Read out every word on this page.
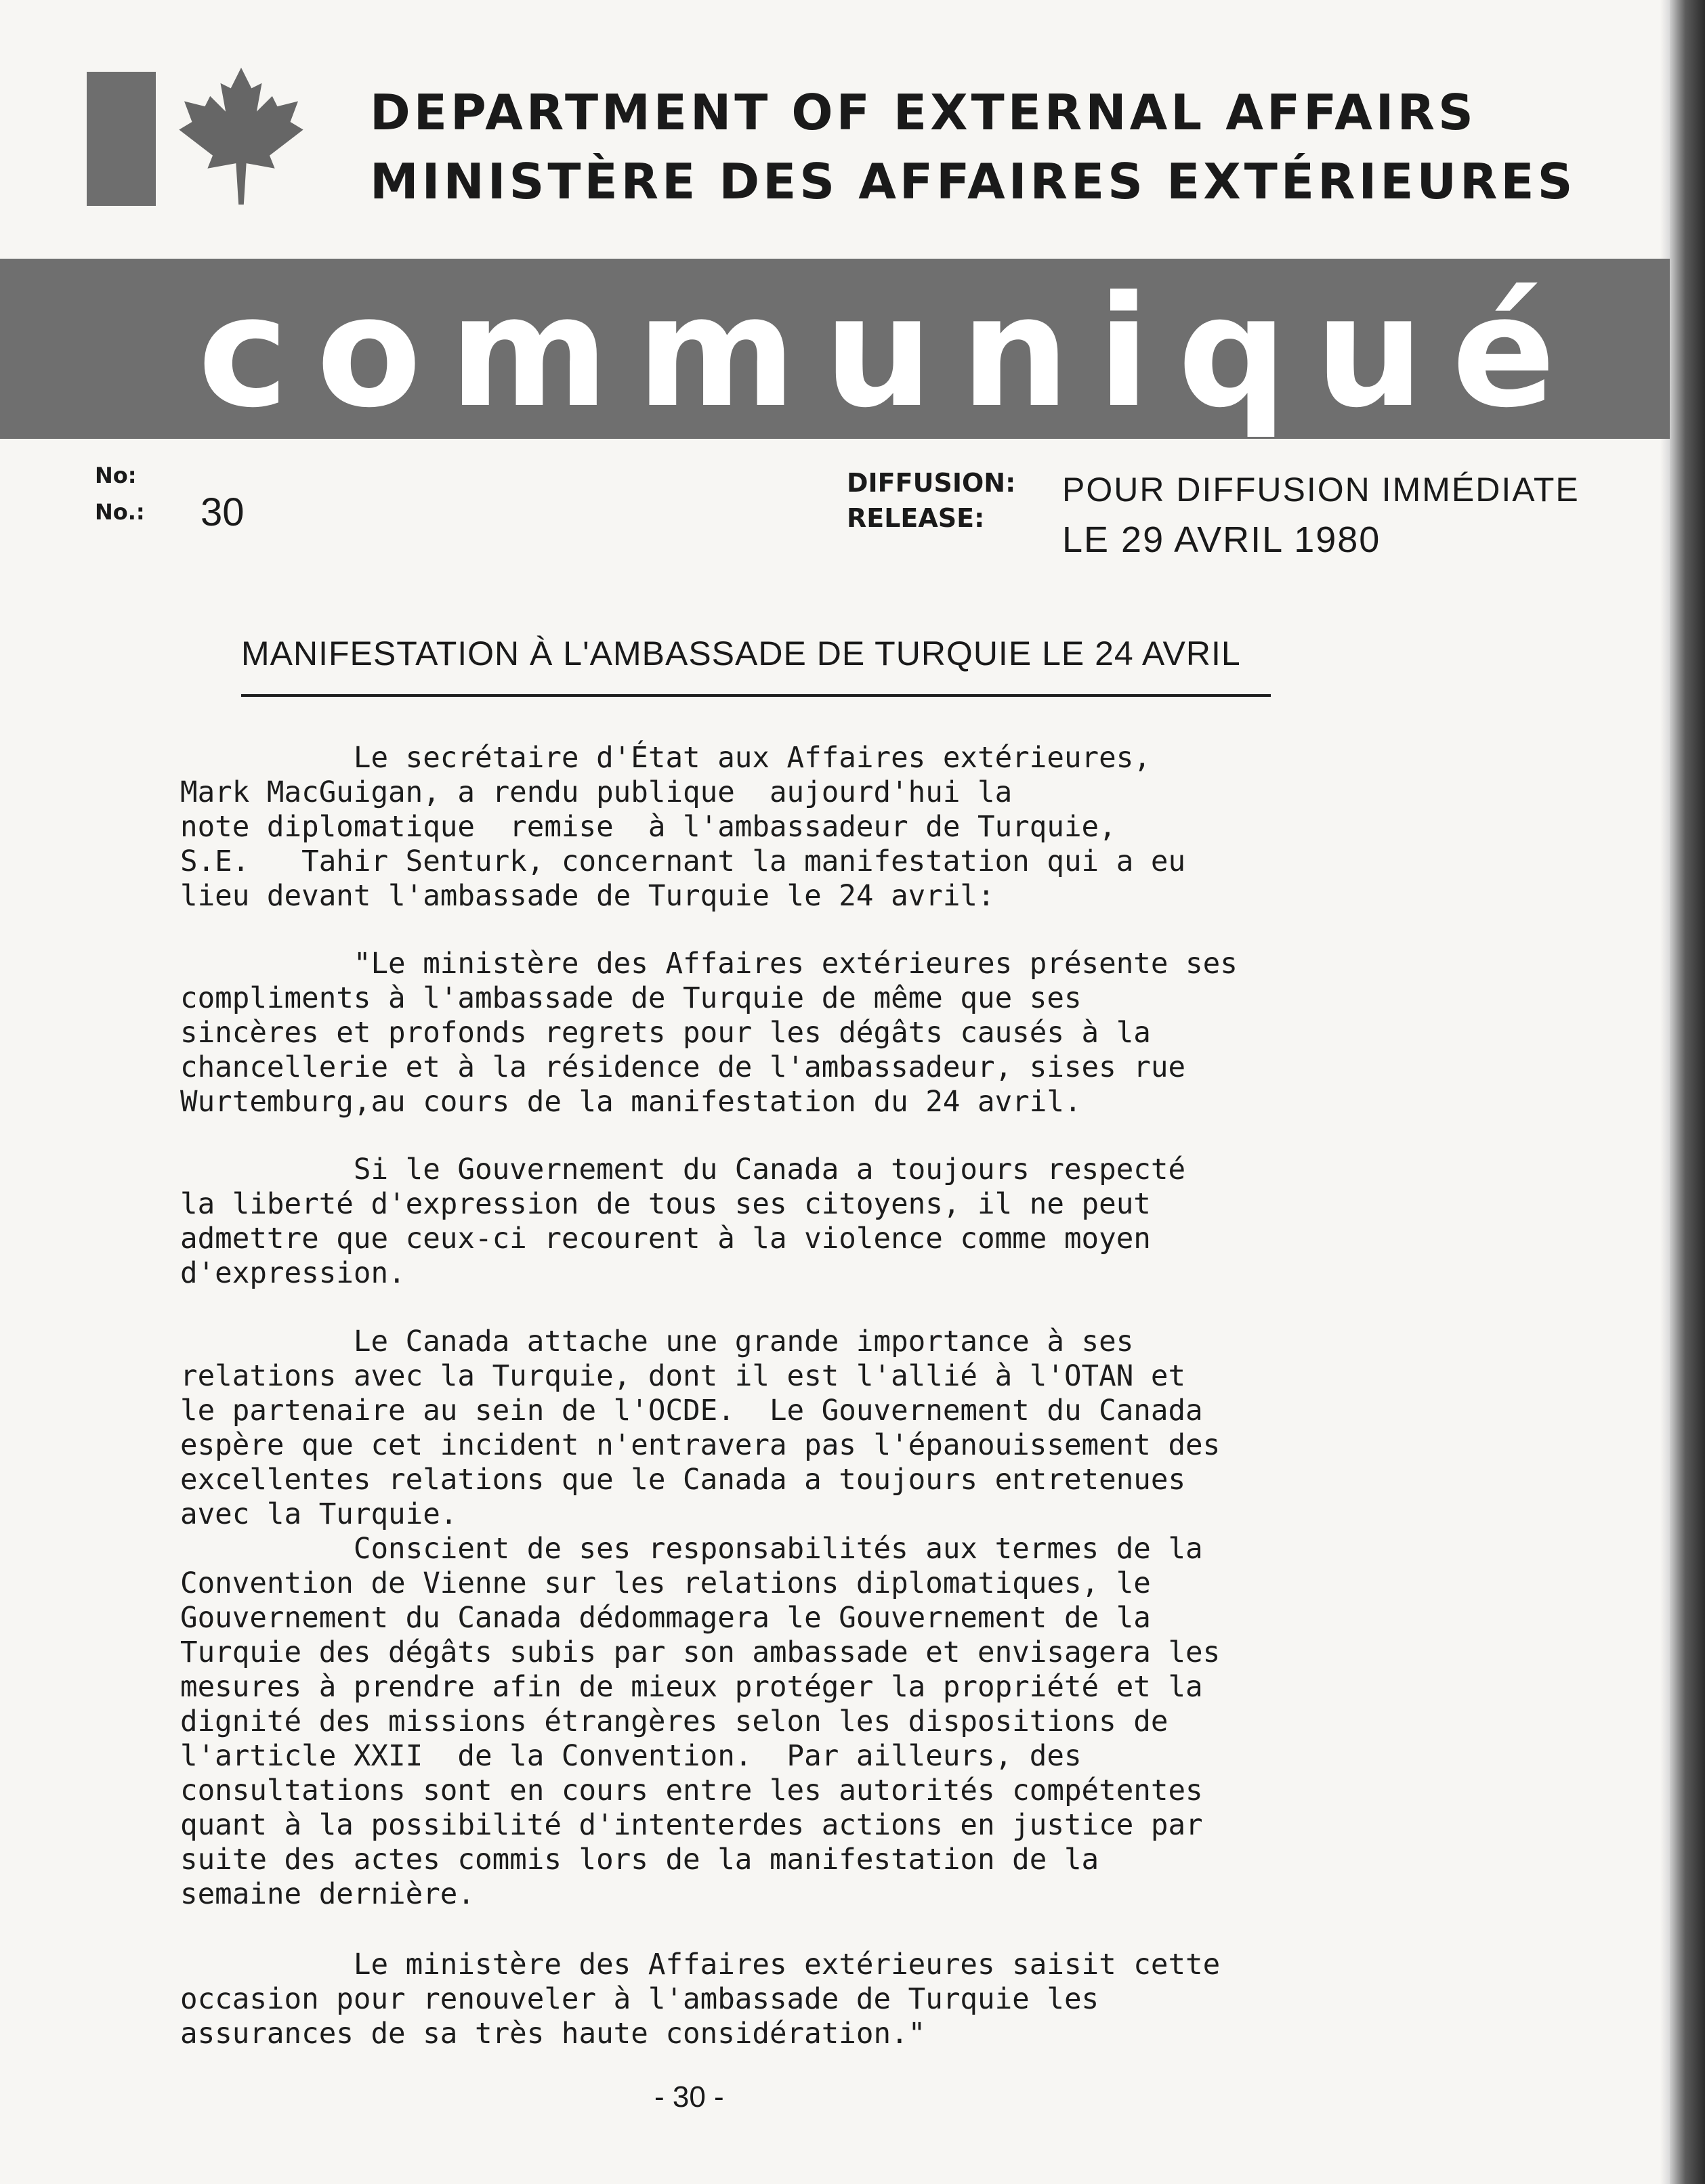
DEPARTMENT OF EXTERNAL AFFAIRS
MINISTÈRE DES AFFAIRES EXTÉRIEURES
communiqué
No:
No.: 30
DIFFUSION:
RELEASE:
POUR DIFFUSION IMMÉDIATE
LE 29 AVRIL 1980
MANIFESTATION À L'AMBASSADE DE TURQUIE LE 24 AVRIL
Le secrétaire d'État aux Affaires extérieures,
Mark MacGuigan, a rendu publique  aujourd'hui la
note diplomatique  remise  à l'ambassadeur de Turquie,
S.E.   Tahir Senturk, concernant la manifestation qui a eu
lieu devant l'ambassade de Turquie le 24 avril:
"Le ministère des Affaires extérieures présente ses
compliments à l'ambassade de Turquie de même que ses
sincères et profonds regrets pour les dégâts causés à la
chancellerie et à la résidence de l'ambassadeur, sises rue
Wurtemburg,au cours de la manifestation du 24 avril.
Si le Gouvernement du Canada a toujours respecté
la liberté d'expression de tous ses citoyens, il ne peut
admettre que ceux-ci recourent à la violence comme moyen
d'expression.
Le Canada attache une grande importance à ses
relations avec la Turquie, dont il est l'allié à l'OTAN et
le partenaire au sein de l'OCDE.  Le Gouvernement du Canada
espère que cet incident n'entravera pas l'épanouissement des
excellentes relations que le Canada a toujours entretenues
avec la Turquie.
Conscient de ses responsabilités aux termes de la
Convention de Vienne sur les relations diplomatiques, le
Gouvernement du Canada dédommagera le Gouvernement de la
Turquie des dégâts subis par son ambassade et envisagera les
mesures à prendre afin de mieux protéger la propriété et la
dignité des missions étrangères selon les dispositions de
l'article XXII  de la Convention.  Par ailleurs, des
consultations sont en cours entre les autorités compétentes
quant à la possibilité d'intenterdes actions en justice par
suite des actes commis lors de la manifestation de la
semaine dernière.
Le ministère des Affaires extérieures saisit cette
occasion pour renouveler à l'ambassade de Turquie les
assurances de sa très haute considération."
- 30 -
